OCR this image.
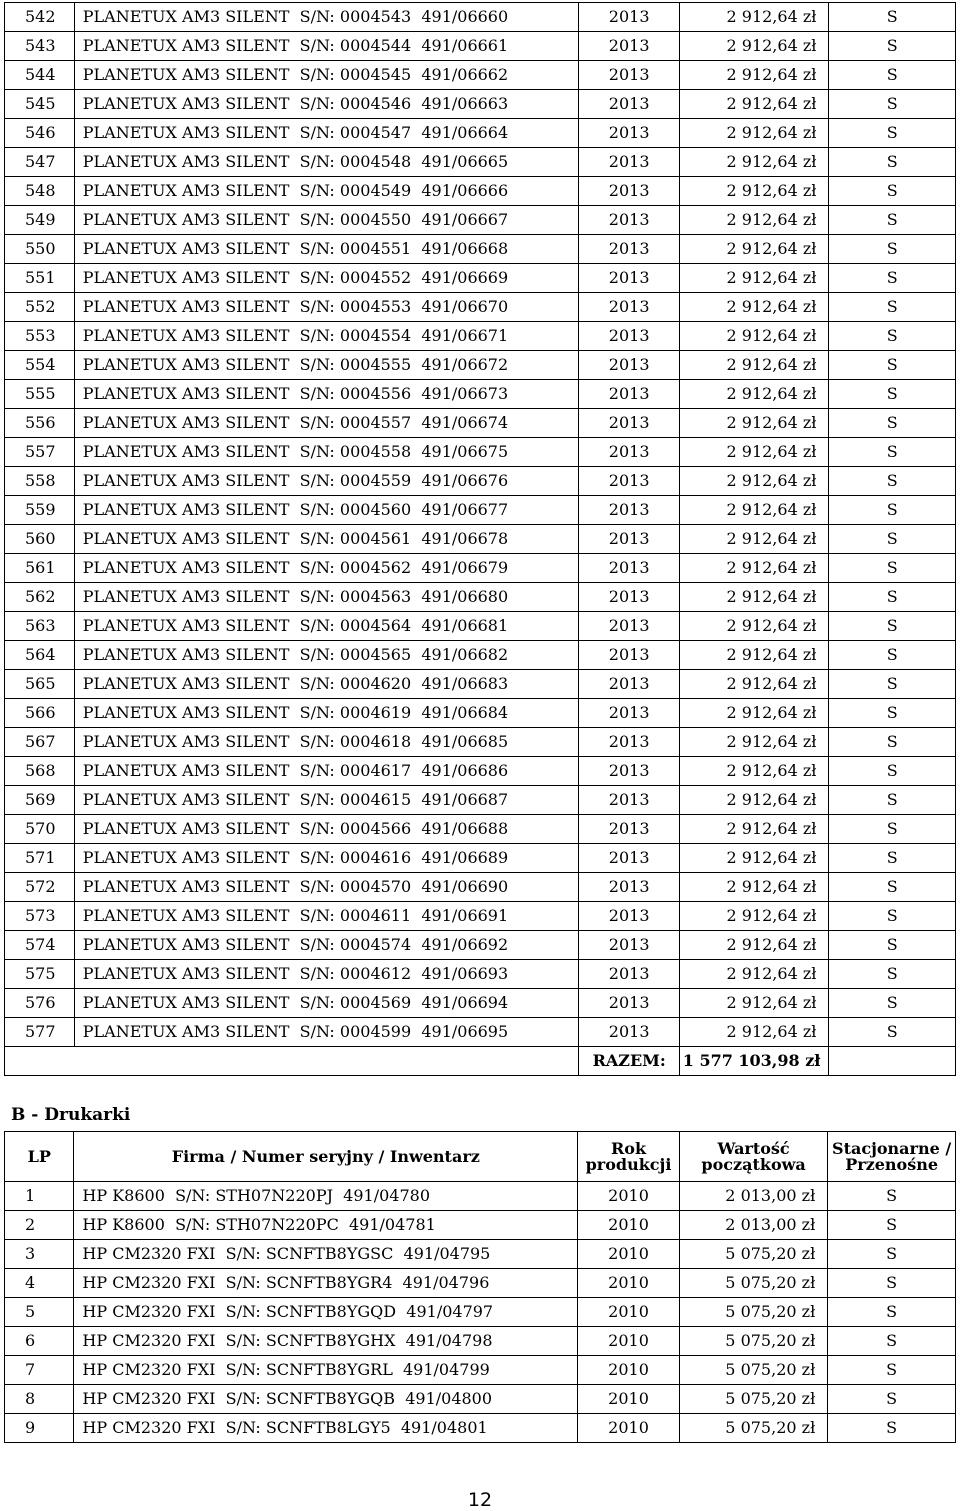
542	PLANETUX AM3 SILENT  S/N: 0004543  491/06660	2013	2 912,64 zł	S
543	PLANETUX AM3 SILENT  S/N: 0004544  491/06661	2013	2 912,64 zł	S
544	PLANETUX AM3 SILENT  S/N: 0004545  491/06662	2013	2 912,64 zł	S
545	PLANETUX AM3 SILENT  S/N: 0004546  491/06663	2013	2 912,64 zł	S
546	PLANETUX AM3 SILENT  S/N: 0004547  491/06664	2013	2 912,64 zł	S
547	PLANETUX AM3 SILENT  S/N: 0004548  491/06665	2013	2 912,64 zł	S
548	PLANETUX AM3 SILENT  S/N: 0004549  491/06666	2013	2 912,64 zł	S
549	PLANETUX AM3 SILENT  S/N: 0004550  491/06667	2013	2 912,64 zł	S
550	PLANETUX AM3 SILENT  S/N: 0004551  491/06668	2013	2 912,64 zł	S
551	PLANETUX AM3 SILENT  S/N: 0004552  491/06669	2013	2 912,64 zł	S
552	PLANETUX AM3 SILENT  S/N: 0004553  491/06670	2013	2 912,64 zł	S
553	PLANETUX AM3 SILENT  S/N: 0004554  491/06671	2013	2 912,64 zł	S
554	PLANETUX AM3 SILENT  S/N: 0004555  491/06672	2013	2 912,64 zł	S
555	PLANETUX AM3 SILENT  S/N: 0004556  491/06673	2013	2 912,64 zł	S
556	PLANETUX AM3 SILENT  S/N: 0004557  491/06674	2013	2 912,64 zł	S
557	PLANETUX AM3 SILENT  S/N: 0004558  491/06675	2013	2 912,64 zł	S
558	PLANETUX AM3 SILENT  S/N: 0004559  491/06676	2013	2 912,64 zł	S
559	PLANETUX AM3 SILENT  S/N: 0004560  491/06677	2013	2 912,64 zł	S
560	PLANETUX AM3 SILENT  S/N: 0004561  491/06678	2013	2 912,64 zł	S
561	PLANETUX AM3 SILENT  S/N: 0004562  491/06679	2013	2 912,64 zł	S
562	PLANETUX AM3 SILENT  S/N: 0004563  491/06680	2013	2 912,64 zł	S
563	PLANETUX AM3 SILENT  S/N: 0004564  491/06681	2013	2 912,64 zł	S
564	PLANETUX AM3 SILENT  S/N: 0004565  491/06682	2013	2 912,64 zł	S
565	PLANETUX AM3 SILENT  S/N: 0004620  491/06683	2013	2 912,64 zł	S
566	PLANETUX AM3 SILENT  S/N: 0004619  491/06684	2013	2 912,64 zł	S
567	PLANETUX AM3 SILENT  S/N: 0004618  491/06685	2013	2 912,64 zł	S
568	PLANETUX AM3 SILENT  S/N: 0004617  491/06686	2013	2 912,64 zł	S
569	PLANETUX AM3 SILENT  S/N: 0004615  491/06687	2013	2 912,64 zł	S
570	PLANETUX AM3 SILENT  S/N: 0004566  491/06688	2013	2 912,64 zł	S
571	PLANETUX AM3 SILENT  S/N: 0004616  491/06689	2013	2 912,64 zł	S
572	PLANETUX AM3 SILENT  S/N: 0004570  491/06690	2013	2 912,64 zł	S
573	PLANETUX AM3 SILENT  S/N: 0004611  491/06691	2013	2 912,64 zł	S
574	PLANETUX AM3 SILENT  S/N: 0004574  491/06692	2013	2 912,64 zł	S
575	PLANETUX AM3 SILENT  S/N: 0004612  491/06693	2013	2 912,64 zł	S
576	PLANETUX AM3 SILENT  S/N: 0004569  491/06694	2013	2 912,64 zł	S
577	PLANETUX AM3 SILENT  S/N: 0004599  491/06695	2013	2 912,64 zł	S
		RAZEM:	1 577 103,98 zł	
B - Drukarki
LP	Firma / Numer seryjny / Inwentarz	Rok produkcji	Wartość początkowa	Stacjonarne / Przenośne
1	HP K8600  S/N: STH07N220PJ  491/04780	2010	2 013,00 zł	S
2	HP K8600  S/N: STH07N220PC  491/04781	2010	2 013,00 zł	S
3	HP CM2320 FXI  S/N: SCNFTB8YGSC  491/04795	2010	5 075,20 zł	S
4	HP CM2320 FXI  S/N: SCNFTB8YGR4  491/04796	2010	5 075,20 zł	S
5	HP CM2320 FXI  S/N: SCNFTB8YGQD  491/04797	2010	5 075,20 zł	S
6	HP CM2320 FXI  S/N: SCNFTB8YGHX  491/04798	2010	5 075,20 zł	S
7	HP CM2320 FXI  S/N: SCNFTB8YGRL  491/04799	2010	5 075,20 zł	S
8	HP CM2320 FXI  S/N: SCNFTB8YGQB  491/04800	2010	5 075,20 zł	S
9	HP CM2320 FXI  S/N: SCNFTB8LGY5  491/04801	2010	5 075,20 zł	S
12
